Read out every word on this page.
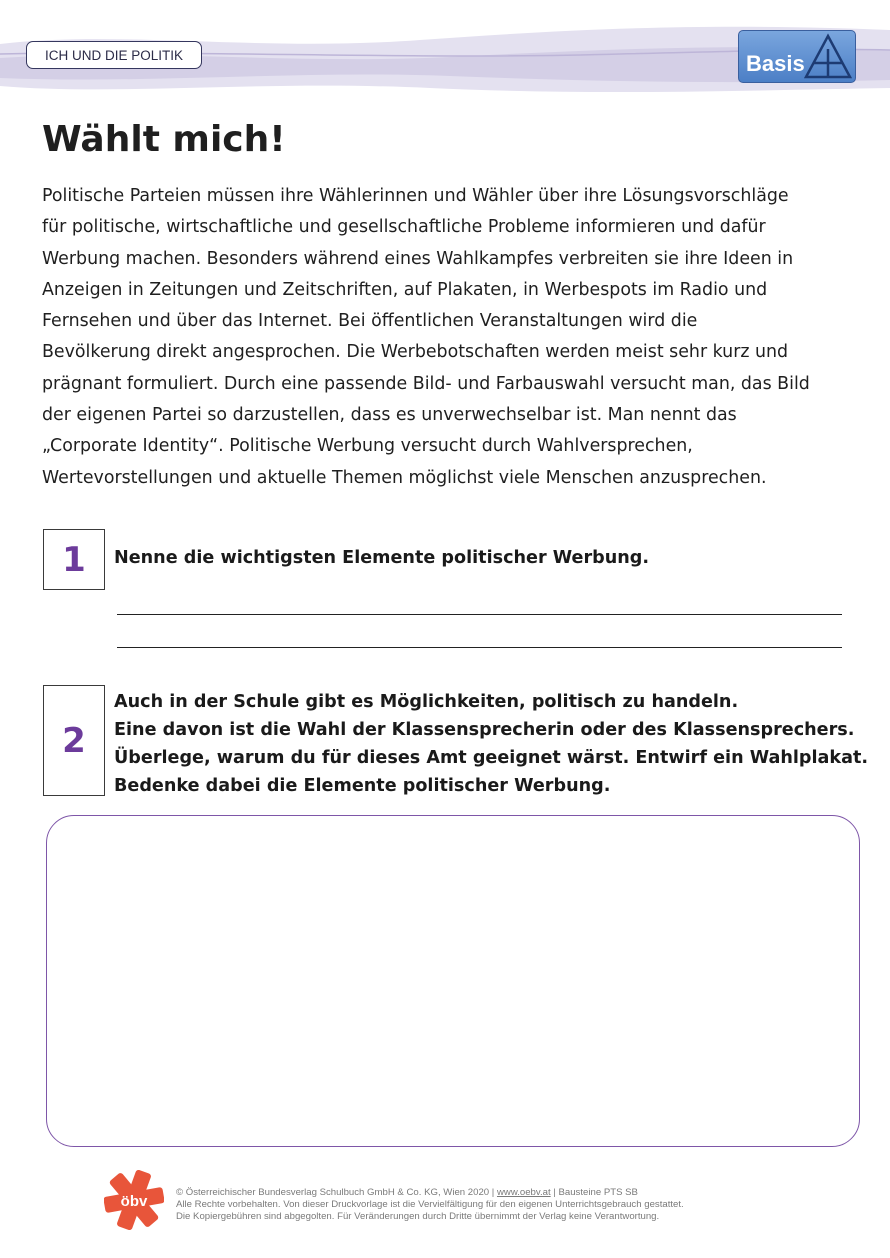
ICH UND DIE POLITIK	Basis
Wählt mich!
Politische Parteien müssen ihre Wählerinnen und Wähler über ihre Lösungsvorschläge
für politische, wirtschaftliche und gesellschaftliche Probleme informieren und dafür
Werbung machen. Besonders während eines Wahlkampfes verbreiten sie ihre Ideen in
Anzeigen in Zeitungen und Zeitschriften, auf Plakaten, in Werbespots im Radio und
Fernsehen und über das Internet. Bei öffentlichen Veranstaltungen wird die
Bevölkerung direkt angesprochen. Die Werbebotschaften werden meist sehr kurz und
prägnant formuliert. Durch eine passende Bild- und Farbauswahl versucht man, das Bild
der eigenen Partei so darzustellen, dass es unverwechselbar ist. Man nennt das
„Corporate Identity“. Politische Werbung versucht durch Wahlversprechen,
Wertevorstellungen und aktuelle Themen möglichst viele Menschen anzusprechen.
1	Nenne die wichtigsten Elemente politischer Werbung.
2
Auch in der Schule gibt es Möglichkeiten, politisch zu handeln.
Eine davon ist die Wahl der Klassensprecherin oder des Klassensprechers.
Überlege, warum du für dieses Amt geeignet wärst. Entwirf ein Wahlplakat.
Bedenke dabei die Elemente politischer Werbung.
öbv
© Österreichischer Bundesverlag Schulbuch GmbH & Co. KG, Wien 2020 | www.oebv.at | Bausteine PTS SB
Alle Rechte vorbehalten. Von dieser Druckvorlage ist die Vervielfältigung für den eigenen Unterrichtsgebrauch gestattet.
Die Kopiergebühren sind abgegolten. Für Veränderungen durch Dritte übernimmt der Verlag keine Verantwortung.
